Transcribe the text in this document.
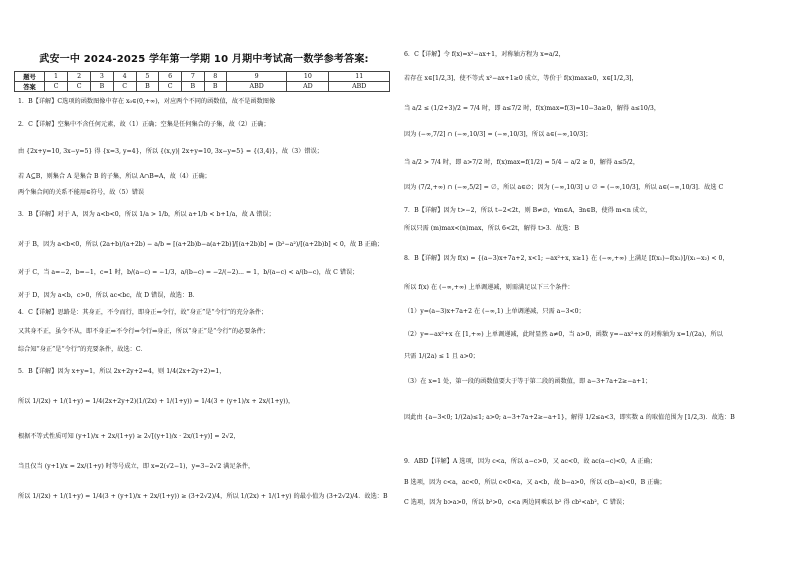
武安一中 2024-2025 学年第一学期 10 月期中考试高一数学参考答案:
题号	1	2	3	4	5	6	7	8	9	10	11
答案	C	C	B	C	B	C	B	B	ABD	AD	ABD
1．B【详解】C选项的函数图像中存在 x₀∈(0,+∞)，对应两个不同的函数值，故不是函数图像
2．C【详解】空集中不含任何元素，故（1）正确；空集是任何集合的子集，故（2）正确；
由 {2x+y=10, 3x−y=5} 得 {x=3, y=4}，所以 {(x,y)| 2x+y=10, 3x−y=5} = {(3,4)}，故（3）错误；
若 A⊆B，则集合 A 是集合 B 的子集，所以 A∩B=A，故（4）正确；
两个集合间的关系不能用∈符号，故（5）错误
3．B【详解】对于 A，因为 a<b<0，所以 1/a > 1/b，所以 a+1/b < b+1/a，故 A 错误；
对于 B，因为 a<b<0，所以 (2a+b)/(a+2b) − a/b = [(a+2b)b−a(a+2b)]/[(a+2b)b] = (b²−a²)/[(a+2b)b] < 0，故 B 正确；
对于 C，当 a=−2，b=−1，c=1 时，b/(a−c) = −1/3，a/(b−c) = −2/(−2)... = 1，b/(a−c) < a/(b−c)，故 C 错误；
对于 D，因为 a<b，c>0，所以 ac<bc，故 D 错误，故选：B．
4．C【详解】思路是：其身正，不令而行，即身正⇒令行，故“身正”是“令行”的充分条件；
又其身不正，虽令不从，即不身正⇒不令行⇒令行⇒身正，所以“身正”是“令行”的必要条件；
综合知“身正”是“令行”的充要条件，故选：C．
5．B【详解】因为 x+y=1，所以 2x+2y+2=4，则 1/4(2x+2y+2)=1，
所以 1/(2x) + 1/(1+y) = 1/4(2x+2y+2)(1/(2x) + 1/(1+y)) = 1/4(3 + (y+1)/x + 2x/(1+y))，
根据不等式性质可知 (y+1)/x + 2x/(1+y) ≥ 2√[(y+1)/x · 2x/(1+y)] = 2√2，
当且仅当 (y+1)/x = 2x/(1+y) 时等号成立，即 x=2(√2−1)，y=3−2√2 满足条件，
所以 1/(2x) + 1/(1+y) = 1/4(3 + (y+1)/x + 2x/(1+y)) ≥ (3+2√2)/4，所以 1/(2x) + 1/(1+y) 的最小值为 (3+2√2)/4．故选：B
6．C【详解】令 f(x)=x²−ax+1，对称轴方程为 x=a/2，
若存在 x∈[1/2,3]，使不等式 x²−ax+1≥0 成立，等价于 f(x)max≥0，x∈[1/2,3]，
当 a/2 ≤ (1/2+3)/2 = 7/4 时，即 a≤7/2 时，f(x)max=f(3)=10−3a≥0，解得 a≤10/3，
因为 (−∞,7/2] ∩ (−∞,10/3] = (−∞,10/3]，所以 a∈(−∞,10/3]；
当 a/2 > 7/4 时，即 a>7/2 时，f(x)max=f(1/2) = 5/4 − a/2 ≥ 0，解得 a≤5/2，
因为 (7/2,+∞) ∩ (−∞,5/2] = ∅，所以 a∈∅；因为 (−∞,10/3] ∪ ∅ = (−∞,10/3]，所以 a∈(−∞,10/3]．故选 C
7．B【详解】因为 t>−2，所以 t−2<2t，则 B≠∅，∀m∈A，∃n∈B，使得 m<n 成立，
所以只需 (m)max<(n)max，所以 6<2t，解得 t>3．故选：B
8．B【详解】因为 f(x) = {(a−3)x+7a+2, x<1; −ax²+x, x≥1} 在 (−∞,+∞) 上满足 [f(x₁)−f(x₂)]/(x₁−x₂) < 0，
所以 f(x) 在 (−∞,+∞) 上单调递减，则需满足以下三个条件：
（1）y=(a−3)x+7a+2 在 (−∞,1) 上单调递减，只需 a−3<0；
（2）y=−ax²+x 在 [1,+∞) 上单调递减，此时显然 a≠0，当 a>0，函数 y=−ax²+x 的对称轴为 x=1/(2a)，所以
只需 1/(2a) ≤ 1 且 a>0；
（3）在 x=1 处，第一段的函数值要大于等于第二段的函数值，即 a−3+7a+2≥−a+1；
因此由 {a−3<0; 1/(2a)≤1; a>0; a−3+7a+2≥−a+1}，解得 1/2≤a<3，即实数 a 的取值范围为 [1/2,3)．故选：B
9．ABD【详解】A 选项，因为 c<a，所以 a−c>0，又 ac<0，故 ac(a−c)<0，A 正确；
B 选项，因为 c<a，ac<0，所以 c<0<a，又 a<b，故 b−a>0，所以 c(b−a)<0，B 正确；
C 选项，因为 b>a>0，所以 b²>0，c<a 两边同乘以 b² 得 cb²<ab²，C 错误；
